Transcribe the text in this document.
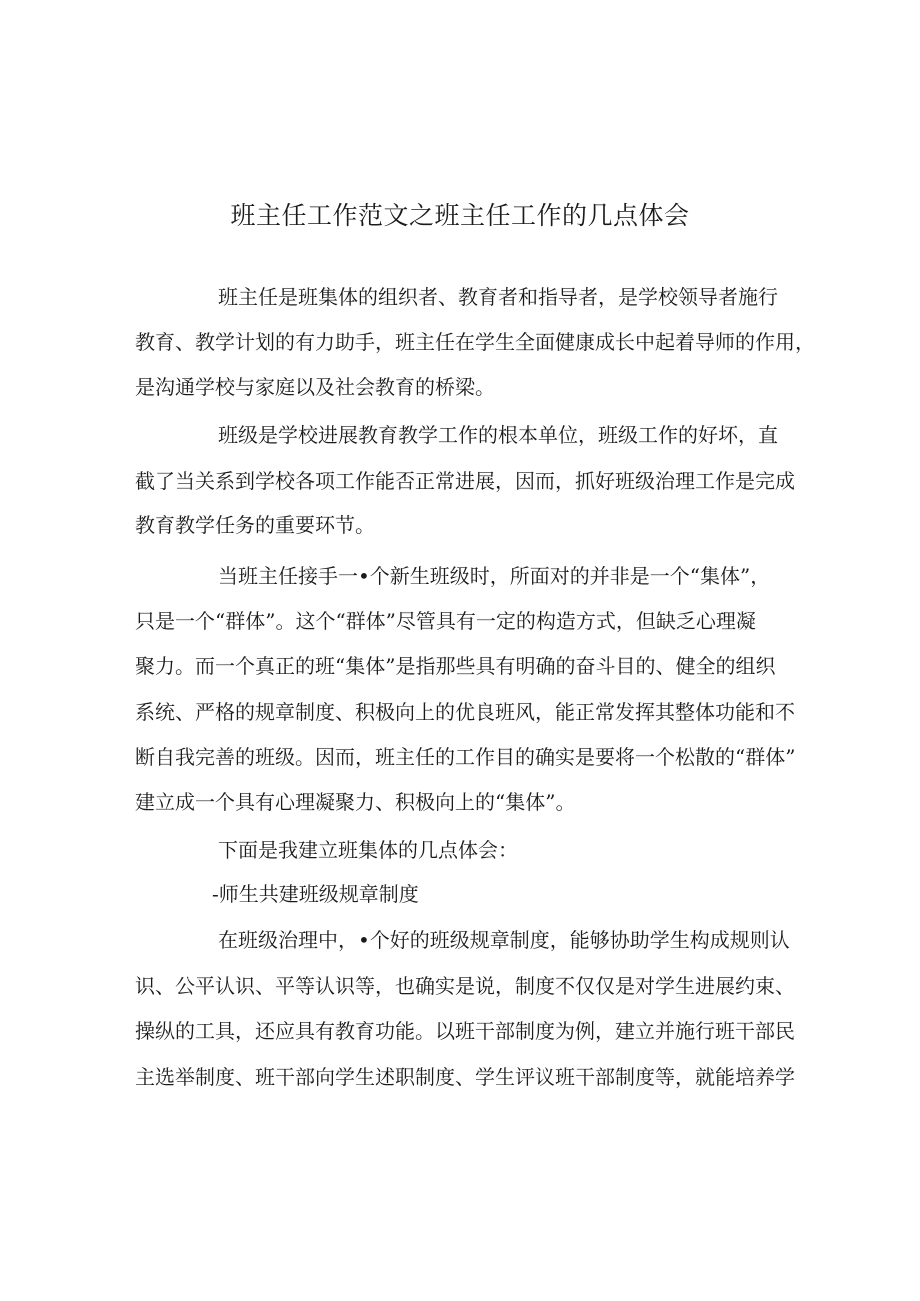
班主任工作范文之班主任工作的几点体会

班主任是班集体的组织者、教育者和指导者，是学校领导者施行

教育、教学计划的有力助手，班主任在学生全面健康成长中起着导师的作用，

是沟通学校与家庭以及社会教育的桥梁。

班级是学校进展教育教学工作的根本单位，班级工作的好坏，直

截了当关系到学校各项工作能否正常进展，因而，抓好班级治理工作是完成

教育教学任务的重要环节。

当班主任接手一•个新生班级时，所面对的并非是一个“集体”，

只是一个“群体”。这个“群体”尽管具有一定的构造方式，但缺乏心理凝

聚力。而一个真正的班“集体”是指那些具有明确的奋斗目的、健全的组织

系统、严格的规章制度、积极向上的优良班风，能正常发挥其整体功能和不

断自我完善的班级。因而，班主任的工作目的确实是要将一个松散的“群体”

建立成一个具有心理凝聚力、积极向上的“集体”。

下面是我建立班集体的几点体会：

-师生共建班级规章制度

在班级治理中，•个好的班级规章制度，能够协助学生构成规则认

识、公平认识、平等认识等，也确实是说，制度不仅仅是对学生进展约束、

操纵的工具，还应具有教育功能。以班干部制度为例，建立并施行班干部民

主选举制度、班干部向学生述职制度、学生评议班干部制度等，就能培养学
